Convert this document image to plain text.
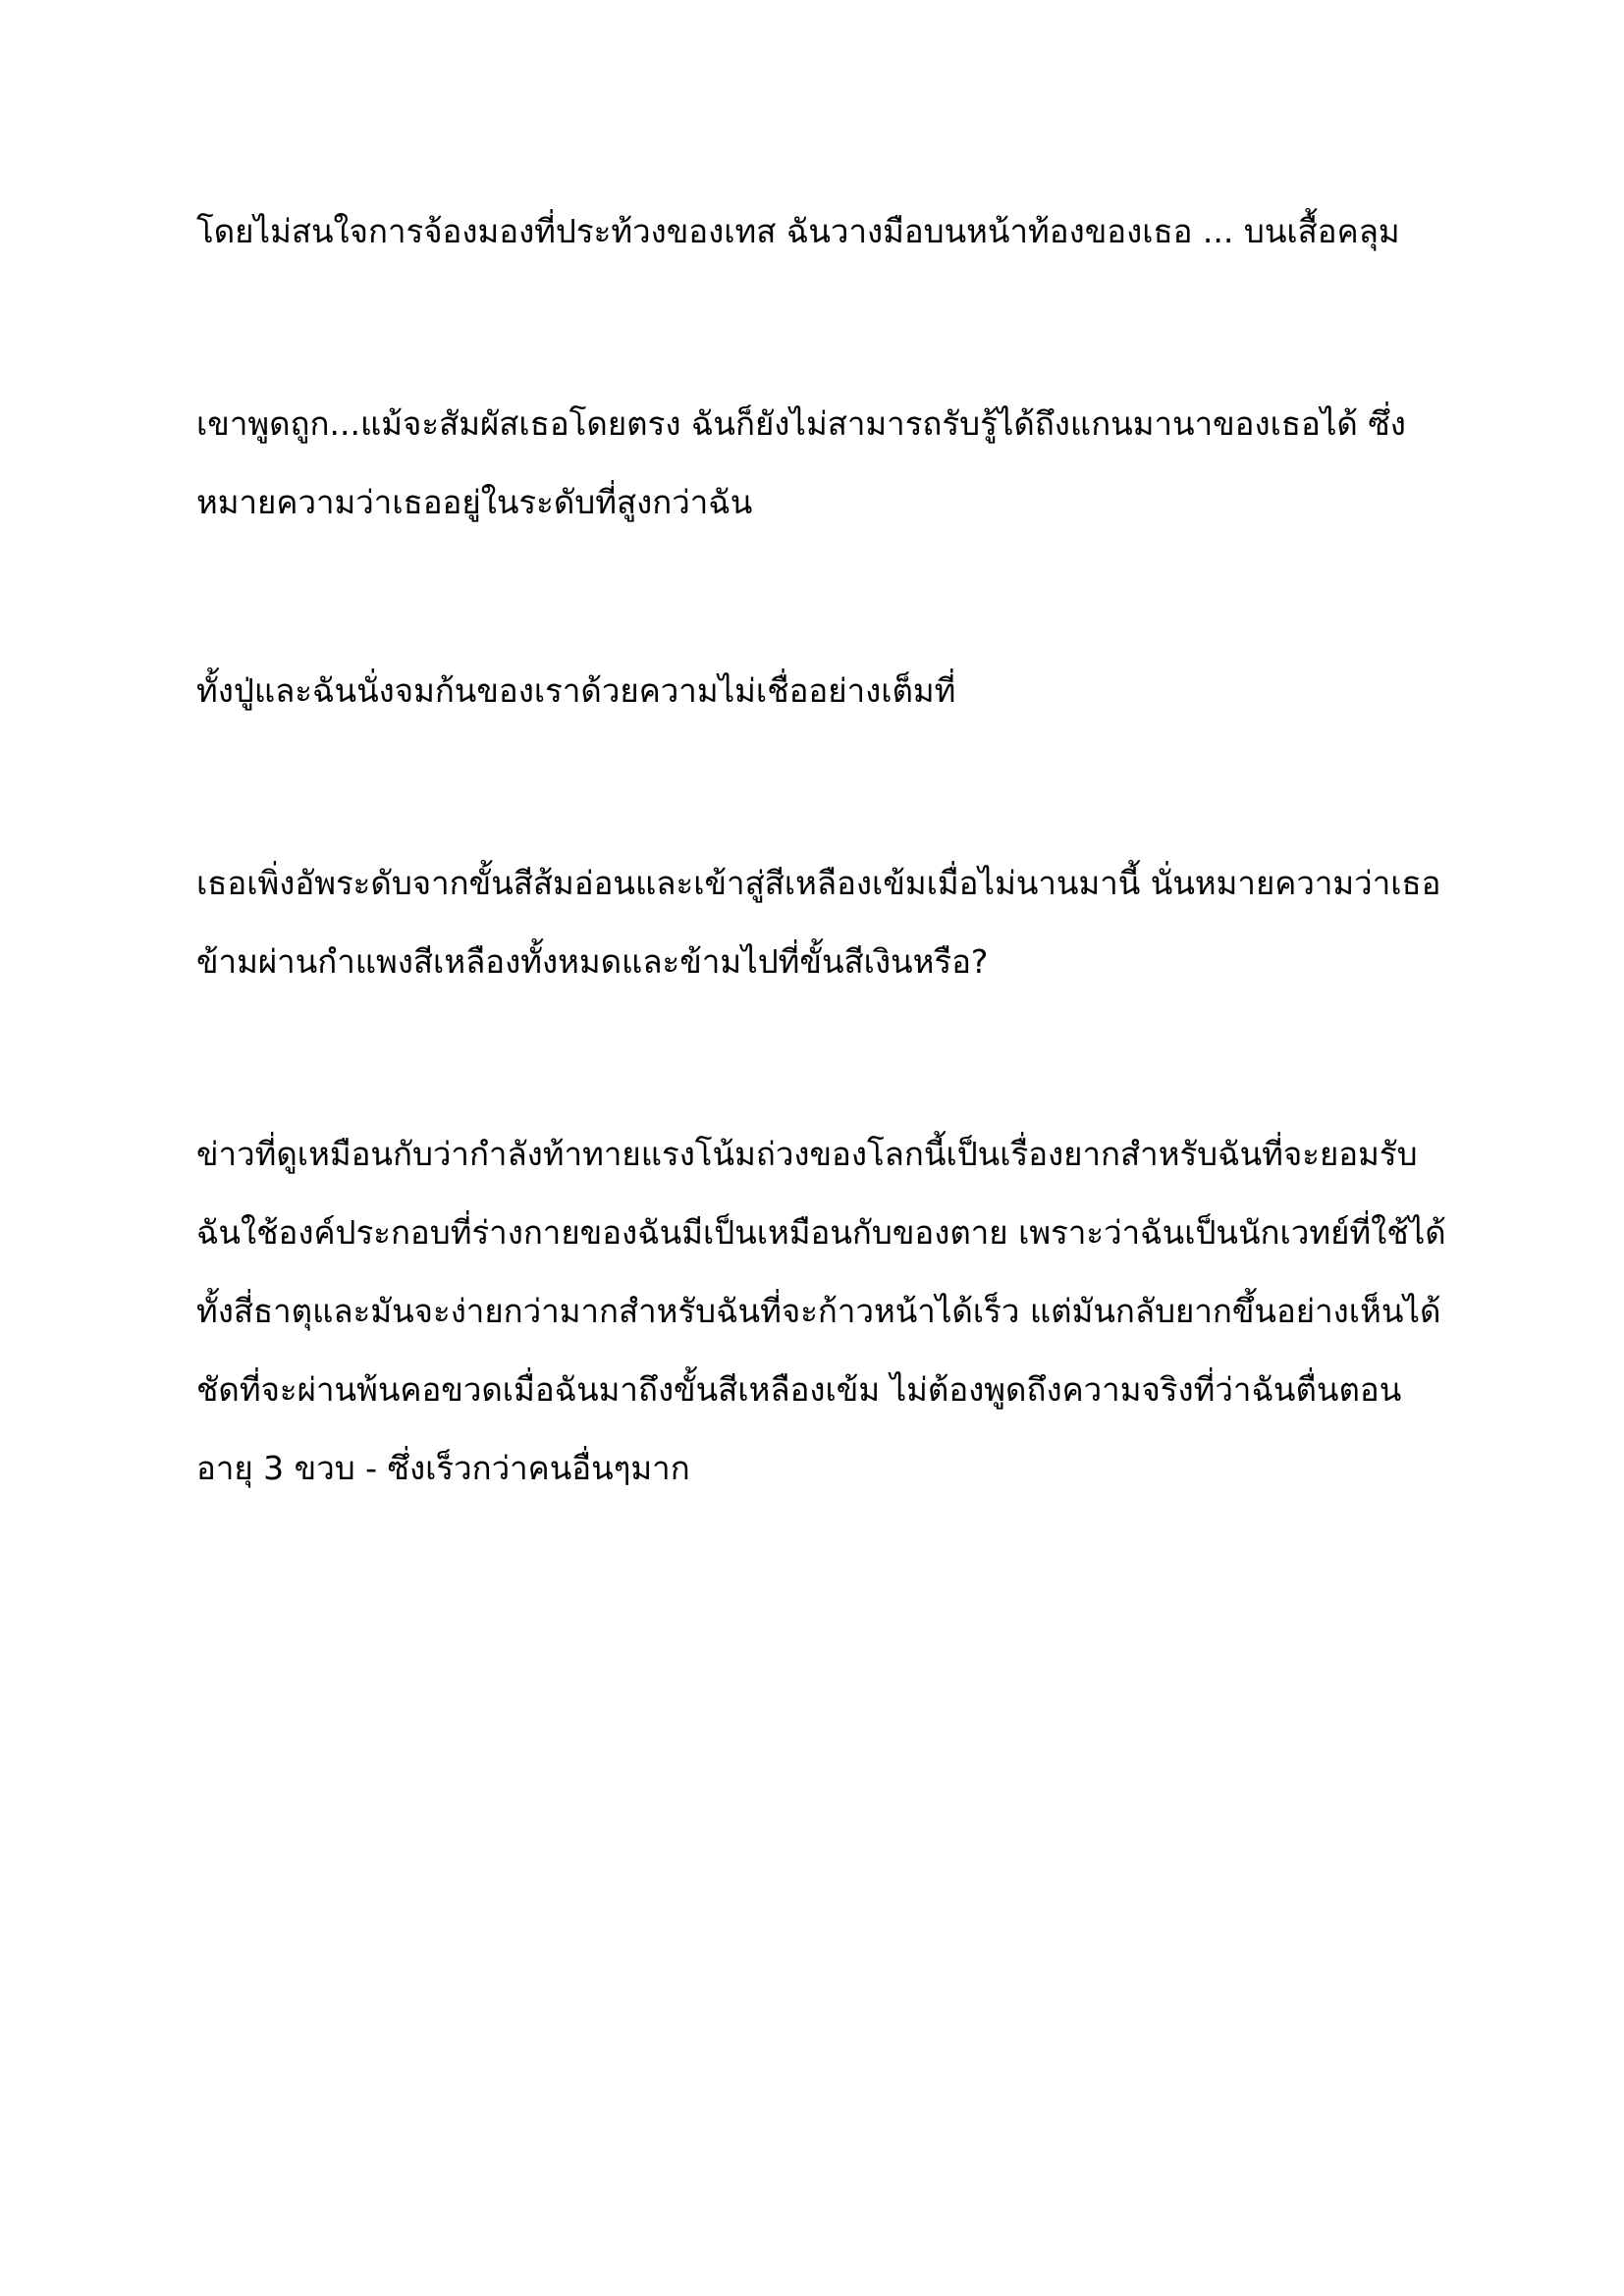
โดยไม่สนใจการจ้องมองที่ประท้วงของเทส ฉันวางมือบนหน้าท้องของเธอ ... บนเสื้อคลุม

เขาพูดถูก...แม้จะสัมผัสเธอโดยตรง ฉันก็ยังไม่สามารถรับรู้ได้ถึงแกนมานาของเธอได้ ซึ่งหมายความว่าเธออยู่ในระดับที่สูงกว่าฉัน

ทั้งปู่และฉันนั่งจมก้นของเราด้วยความไม่เชื่ออย่างเต็มที่

เธอเพิ่งอัพระดับจากขั้นสีส้มอ่อนและเข้าสู่สีเหลืองเข้มเมื่อไม่นานมานี้ นั่นหมายความว่าเธอข้ามผ่านกำแพงสีเหลืองทั้งหมดและข้ามไปที่ขั้นสีเงินหรือ?

ข่าวที่ดูเหมือนกับว่ากำลังท้าทายแรงโน้มถ่วงของโลกนี้เป็นเรื่องยากสำหรับฉันที่จะยอมรับ ฉันใช้องค์ประกอบที่ร่างกายของฉันมีเป็นเหมือนกับของตาย เพราะว่าฉันเป็นนักเวทย์ที่ใช้ได้ทั้งสี่ธาตุและมันจะง่ายกว่ามากสำหรับฉันที่จะก้าวหน้าได้เร็ว แต่มันกลับยากขึ้นอย่างเห็นได้ชัดที่จะผ่านพ้นคอขวดเมื่อฉันมาถึงขั้นสีเหลืองเข้ม ไม่ต้องพูดถึงความจริงที่ว่าฉันตื่นตอนอายุ 3 ขวบ - ซึ่งเร็วกว่าคนอื่นๆมาก
